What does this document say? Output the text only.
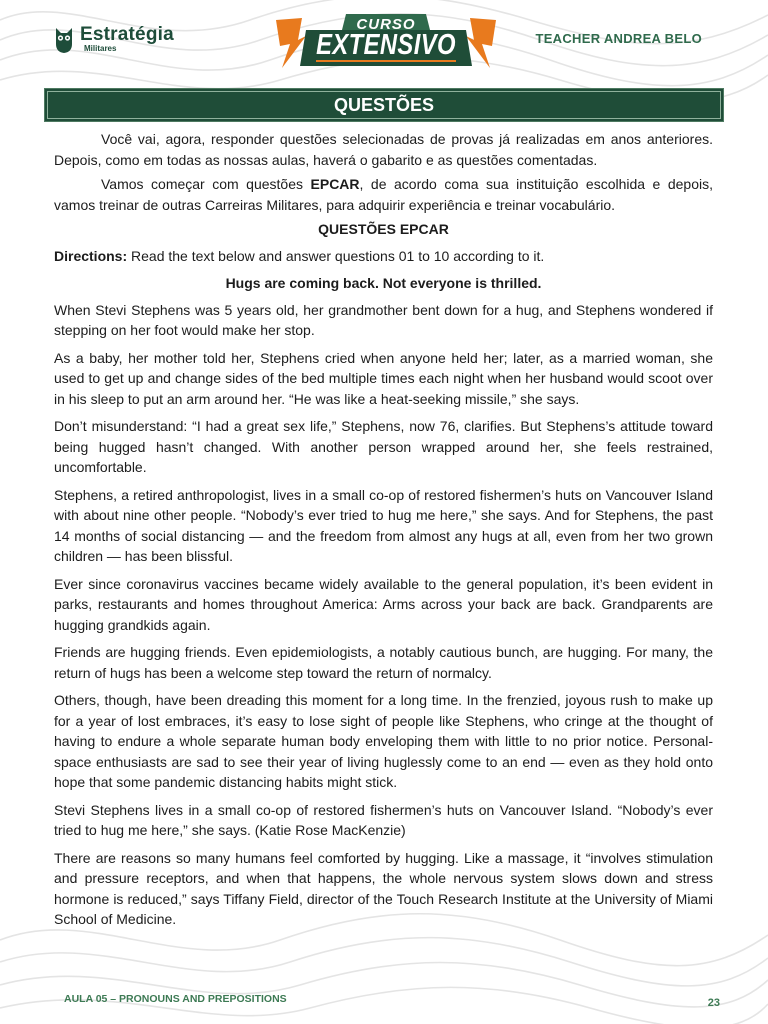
Estratégia
Militares
CURSO
EXTENSIVO	TEACHER ANDREA BELO
QUESTÕES

Você vai, agora, responder questões selecionadas de provas já realizadas em anos anteriores. Depois, como em todas as nossas aulas, haverá o gabarito e as questões comentadas.

Vamos começar com questões EPCAR, de acordo coma sua instituição escolhida e depois, vamos treinar de outras Carreiras Militares, para adquirir experiência e treinar vocabulário.

QUESTÕES EPCAR

Directions: Read the text below and answer questions 01 to 10 according to it.

Hugs are coming back. Not everyone is thrilled.

When Stevi Stephens was 5 years old, her grandmother bent down for a hug, and Stephens wondered if stepping on her foot would make her stop.

As a baby, her mother told her, Stephens cried when anyone held her; later, as a married woman, she used to get up and change sides of the bed multiple times each night when her husband would scoot over in his sleep to put an arm around her. “He was like a heat-seeking missile,” she says.

Don’t misunderstand: “I had a great sex life,” Stephens, now 76, clarifies. But Stephens’s attitude toward being hugged hasn’t changed. With another person wrapped around her, she feels restrained, uncomfortable.

Stephens, a retired anthropologist, lives in a small co-op of restored fishermen’s huts on Vancouver Island with about nine other people. “Nobody’s ever tried to hug me here,” she says. And for Stephens, the past 14 months of social distancing — and the freedom from almost any hugs at all, even from her two grown children — has been blissful.

Ever since coronavirus vaccines became widely available to the general population, it’s been evident in parks, restaurants and homes throughout America: Arms across your back are back. Grandparents are hugging grandkids again.

Friends are hugging friends. Even epidemiologists, a notably cautious bunch, are hugging. For many, the return of hugs has been a welcome step toward the return of normalcy.

Others, though, have been dreading this moment for a long time. In the frenzied, joyous rush to make up for a year of lost embraces, it’s easy to lose sight of people like Stephens, who cringe at the thought of having to endure a whole separate human body enveloping them with little to no prior notice. Personal-space enthusiasts are sad to see their year of living huglessly come to an end — even as they hold onto hope that some pandemic distancing habits might stick.

Stevi Stephens lives in a small co-op of restored fishermen’s huts on Vancouver Island. “Nobody’s ever tried to hug me here,” she says. (Katie Rose MacKenzie)

There are reasons so many humans feel comforted by hugging. Like a massage, it “involves stimulation and pressure receptors, and when that happens, the whole nervous system slows down and stress hormone is reduced,” says Tiffany Field, director of the Touch Research Institute at the University of Miami School of Medicine.

AULA 05 – PRONOUNS AND PREPOSITIONS	23
